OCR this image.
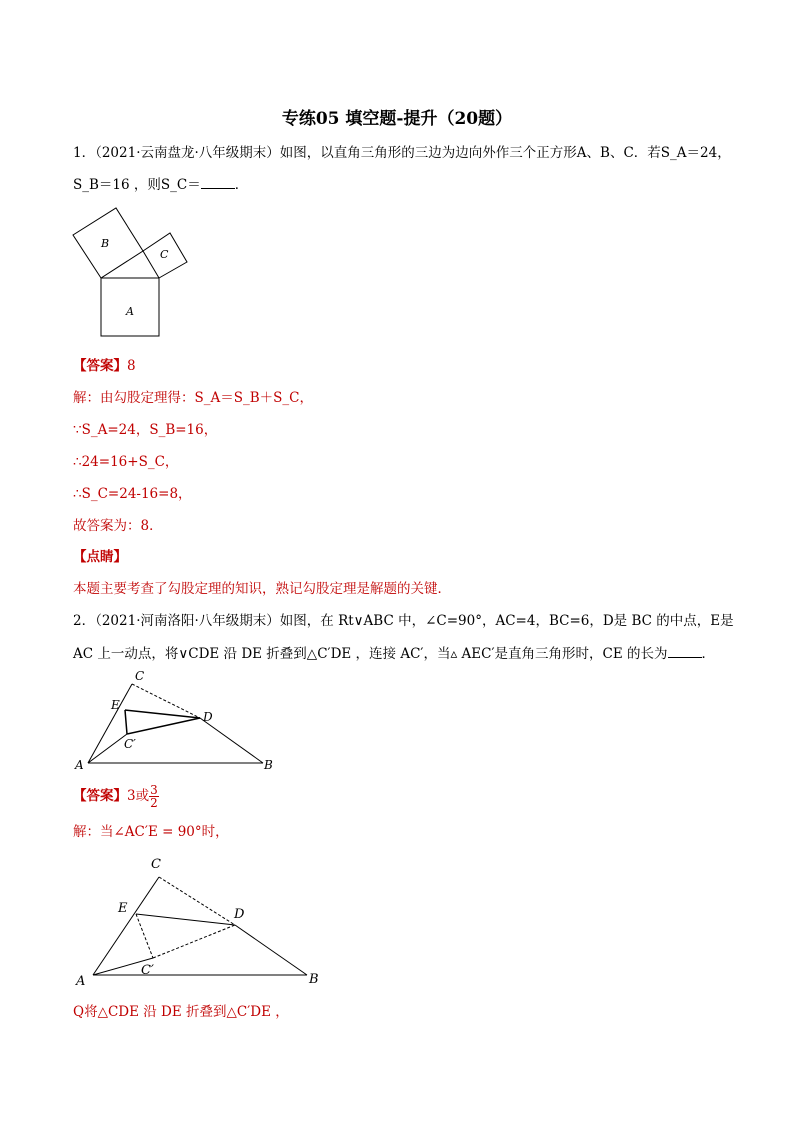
专练05 填空题-提升（20题）
1．（2021·云南盘龙·八年级期末）如图，以直角三角形的三边为边向外作三个正方形A、B、C．若S_A＝24，
S_B＝16 ，则S_C＝	．
A
B
C
【答案】8
解：由勾股定理得：S_A＝S_B＋S_C，
∵S_A=24，S_B=16，
∴24=16+S_C，
∴S_C=24-16=8，
故答案为：8．
【点睛】
本题主要考查了勾股定理的知识，熟记勾股定理是解题的关键．
2．（2021·河南洛阳·八年级期末）如图，在 Rt∨ABC 中，∠C=90°，AC=4，BC=6，D是 BC 的中点，E是
AC 上一动点，将∨CDE 沿 DE 折叠到△C′DE ，连接 AC′，当▵ AEC′是直角三角形时，CE 的长为	．
C
E
D
C′
A	B
【答案】3或 $\frac{3}{2}$
解：当∠AC′E = 90°时，
C
E	D
C′
A	B
Q将△CDE 沿 DE 折叠到△C′DE ，
